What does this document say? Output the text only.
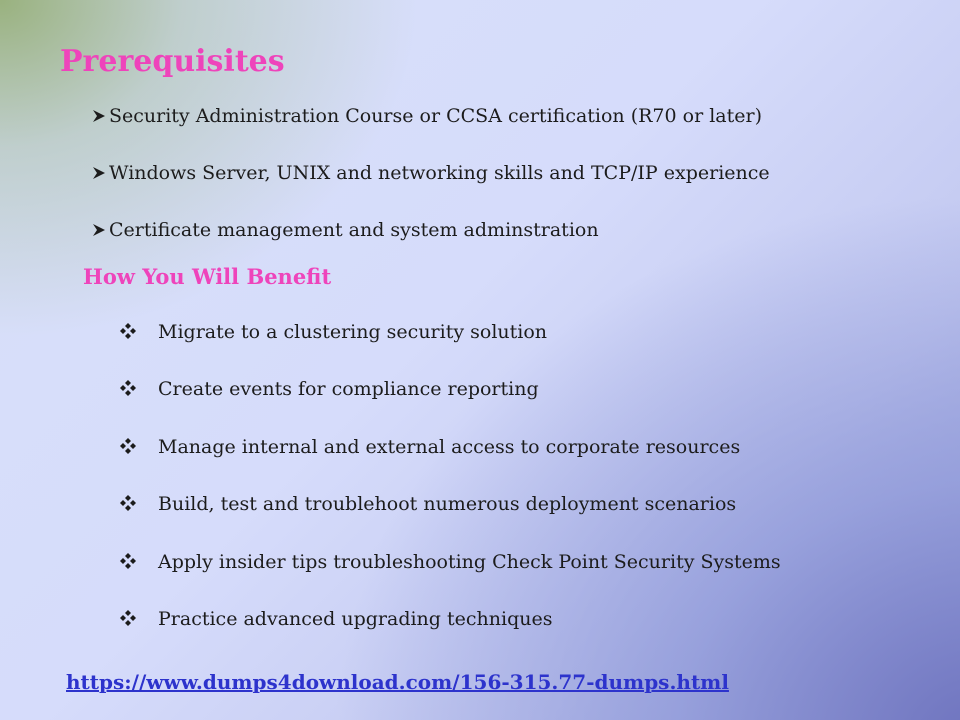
Prerequisites
Security Administration Course or CCSA certification (R70 or later)
Windows Server, UNIX and networking skills and TCP/IP experience
Certificate management and system adminstration
How You Will Benefit
Migrate to a clustering security solution
Create events for compliance reporting
Manage internal and external access to corporate resources
Build, test and troublehoot numerous deployment scenarios
Apply insider tips troubleshooting Check Point Security Systems
Practice advanced upgrading techniques
https://www.dumps4download.com/156-315.77-dumps.html
